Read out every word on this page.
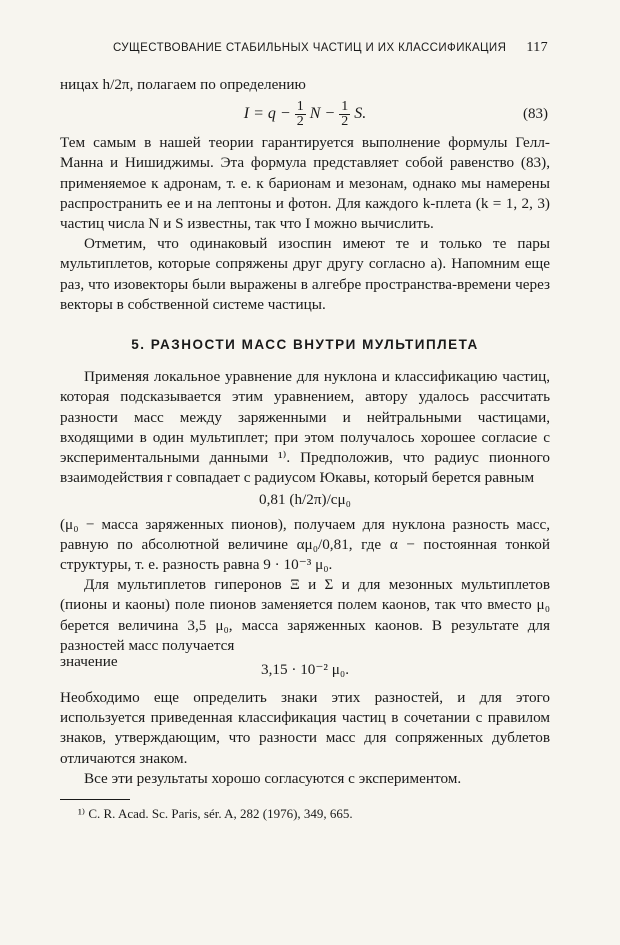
СУЩЕСТВОВАНИЕ СТАБИЛЬНЫХ ЧАСТИЦ И ИХ КЛАССИФИКАЦИЯ 117

ницах h/2π, полагаем по определению

$I = q - \frac{1}{2}$ $N - \frac{1}{2} S$.	(83)

Тем самым в нашей теории гарантируется выполнение формулы Гелл-Манна и Нишиджимы. Эта формула представляет собой равенство (83), применяемое к адронам, т. е. к барионам и мезонам, однако мы намерены распространить ее и на лептоны и фотон. Для каждого k-плета (k = 1, 2, 3) частиц числа N и S известны, так что I можно вычислить.

Отметим, что одинаковый изоспин имеют те и только те пары мультиплетов, которые сопряжены друг другу согласно а). Напомним еще раз, что изовекторы были выражены в алгебре пространства-времени через векторы в собственной системе частицы.

5. РАЗНОСТИ МАСС ВНУТРИ МУЛЬТИПЛЕТА

Применяя локальное уравнение для нуклона и классификацию частиц, которая подсказывается этим уравнением, автору удалось рассчитать разности масс между заряженными и нейтральными частицами, входящими в один мультиплет; при этом получалось хорошее согласие с экспериментальными данными ¹⁾. Предположив, что радиус пионного взаимодействия r совпадает с радиусом Юкавы, который берется равным

0,81 (h/2π)/cμ₀

(μ₀ − масса заряженных пионов), получаем для нуклона разность масс, равную по абсолютной величине αμ₀/0,81, где α − постоянная тонкой структуры, т. е. разность равна 9 · 10⁻³ μ₀.

Для мультиплетов гиперонов Ξ и Σ и для мезонных мультиплетов (пионы и каоны) поле пионов заменяется полем каонов, так что вместо μ₀ берется величина 3,5 μ₀, масса заряженных каонов. В результате для разностей масс получается

значение	3,15 · 10⁻² μ₀.

Необходимо еще определить знаки этих разностей, и для этого используется приведенная классификация частиц в сочетании с правилом знаков, утверждающим, что разности масс для сопряженных дублетов отличаются знаком.

Все эти результаты хорошо согласуются с экспериментом.

¹⁾ C. R. Acad. Sc. Paris, sér. A, 282 (1976), 349, 665.
